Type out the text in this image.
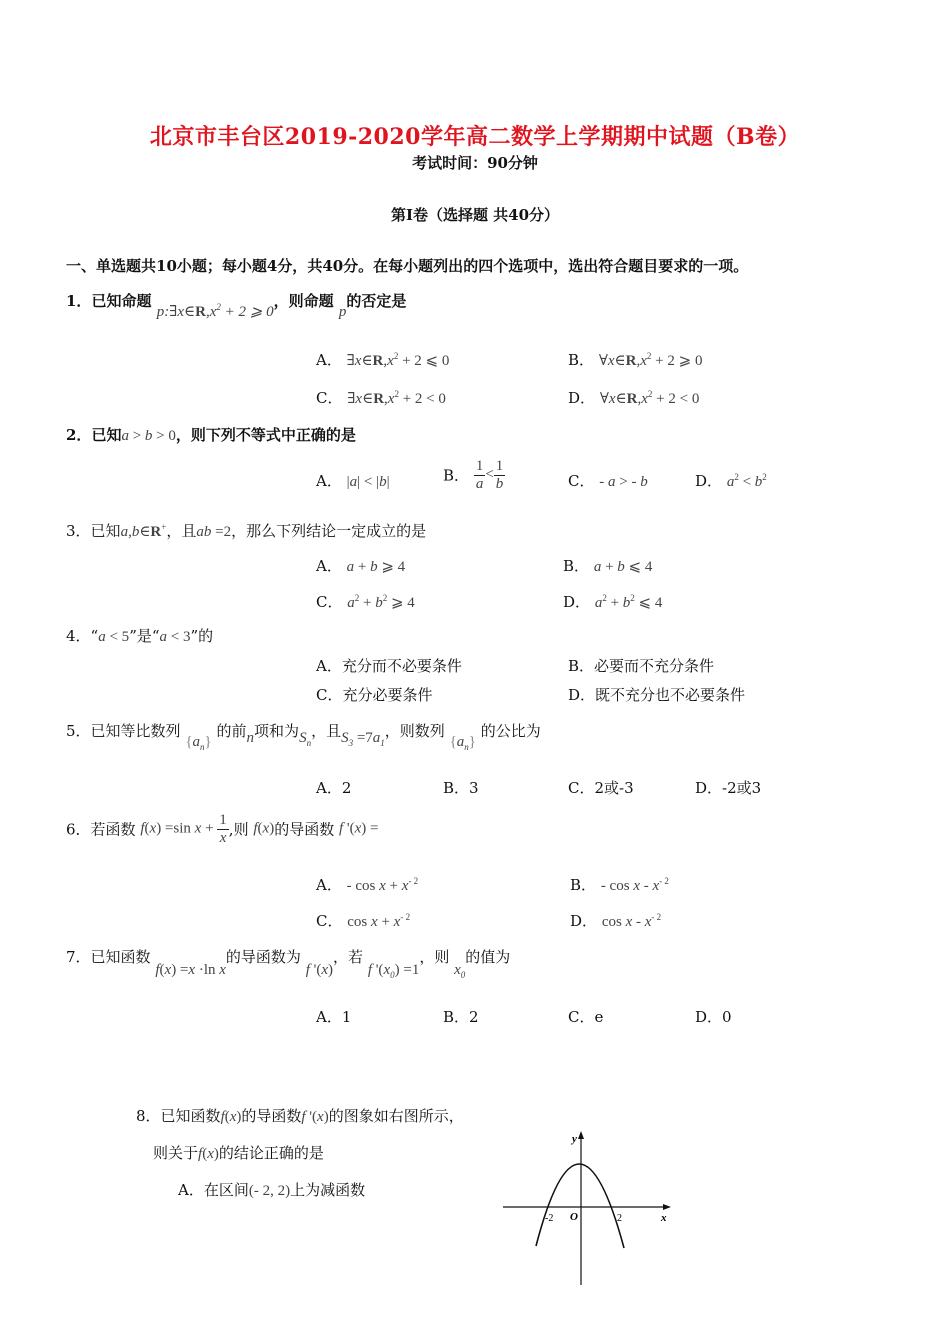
北京市丰台区2019-2020学年高二数学上学期期中试题（B卷）
考试时间：90分钟
第Ⅰ卷（选择题 共40分）
一、单选题共10小题；每小题4分，共40分。在每小题列出的四个选项中，选出符合题目要求的一项。
1．已知命题 $p:\exists x\in R,x^2 + 2$ ⩾ 0，则命题 p的否定是
A． $\exists x\in R,x^2 + 2$ ⩽ 0	B． $\forall x\in R,x^2 + 2$ ⩾ 0
C． $\exists x\in R,x^2 + 2 < 0$	D． $\forall x\in R,x^2 + 2 < 0$
2．已知a > b > 0，则下列不等式中正确的是
A． |a| < |b|	B． $\frac{1}{a} < \frac{1}{b}$	C． - a > - b	D． $a^2 < b^2$
3．已知a,b∈R+，且ab =2，那么下列结论一定成立的是
A． a + b ⩾ 4	B． a + b ⩽ 4
C． $a^2 + b^2$ ⩾ 4	D． $a^2 + b^2$ ⩽ 4
4．“a < 5”是“a < 3”的
A．充分而不必要条件	B．必要而不充分条件
C．充分必要条件	D．既不充分也不必要条件
5．已知等比数列 $\{a_n\}$ 的前n项和为$S_n$，且$S_3 =7a_1$，则数列 $\{a_n\}$ 的公比为
A．2	B．3	C．2或-3	D．-2或3
6．若函数 f(x) =sin $x + \frac{1}{x}$ ,则 f(x)的导函数 f '(x) =
A． - $\cos x + x^{- 2}$	B． - cos x - $x^{- 2}$
C． $\cos x + x^{- 2}$	D． cos x - $x^{- 2}$
7．已知函数 f(x) =x ·ln x的导函数为 f '(x)，若 f '$(x_0) =1$，则 $x_0$的值为
A．1	B．2	C．e	D．0
8．已知函数f(x)的导函数f '(x)的图象如右图所示，
则关于f(x)的结论正确的是
A．在区间(- 2, 2)上为减函数
y
x
O
-2	2
